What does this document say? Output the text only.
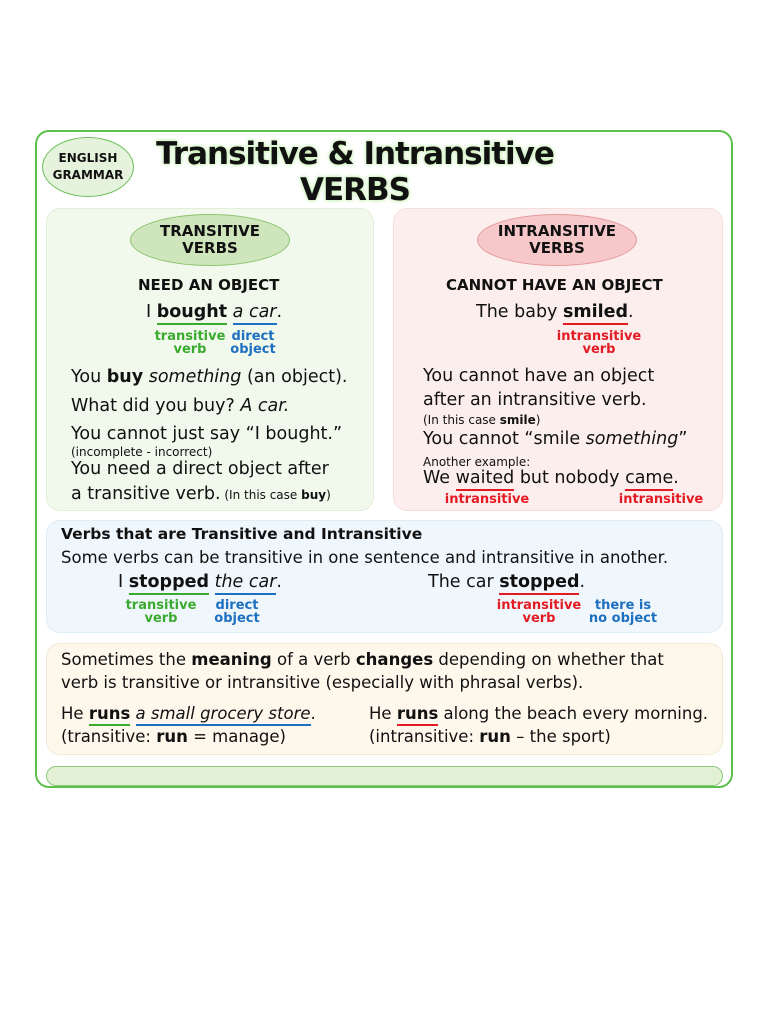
ENGLISH
GRAMMAR
Transitive & Intransitive
VERBS
TRANSITIVE
VERBS
NEED AN OBJECT
I bought a car.
transitive
verb
direct
object
You buy something (an object).
What did you buy? A car.
You cannot just say “I bought.”
(incomplete - incorrect)
You need a direct object after
a transitive verb. (In this case buy)
INTRANSITIVE
VERBS
CANNOT HAVE AN OBJECT
The baby smiled.
intransitive
verb
You cannot have an object
after an intransitive verb.
(In this case smile)
You cannot “smile something”
Another example:
We waited but nobody came.
intransitive	intransitive
Verbs that are Transitive and Intransitive
Some verbs can be transitive in one sentence and intransitive in another.
I stopped the car.
transitive
verb
direct
object
The car stopped.
intransitive
verb
there is
no object
Sometimes the meaning of a verb changes depending on whether that
verb is transitive or intransitive (especially with phrasal verbs).
He runs a small grocery store.
(transitive: run = manage)
He runs along the beach every morning.
(intransitive: run – the sport)
